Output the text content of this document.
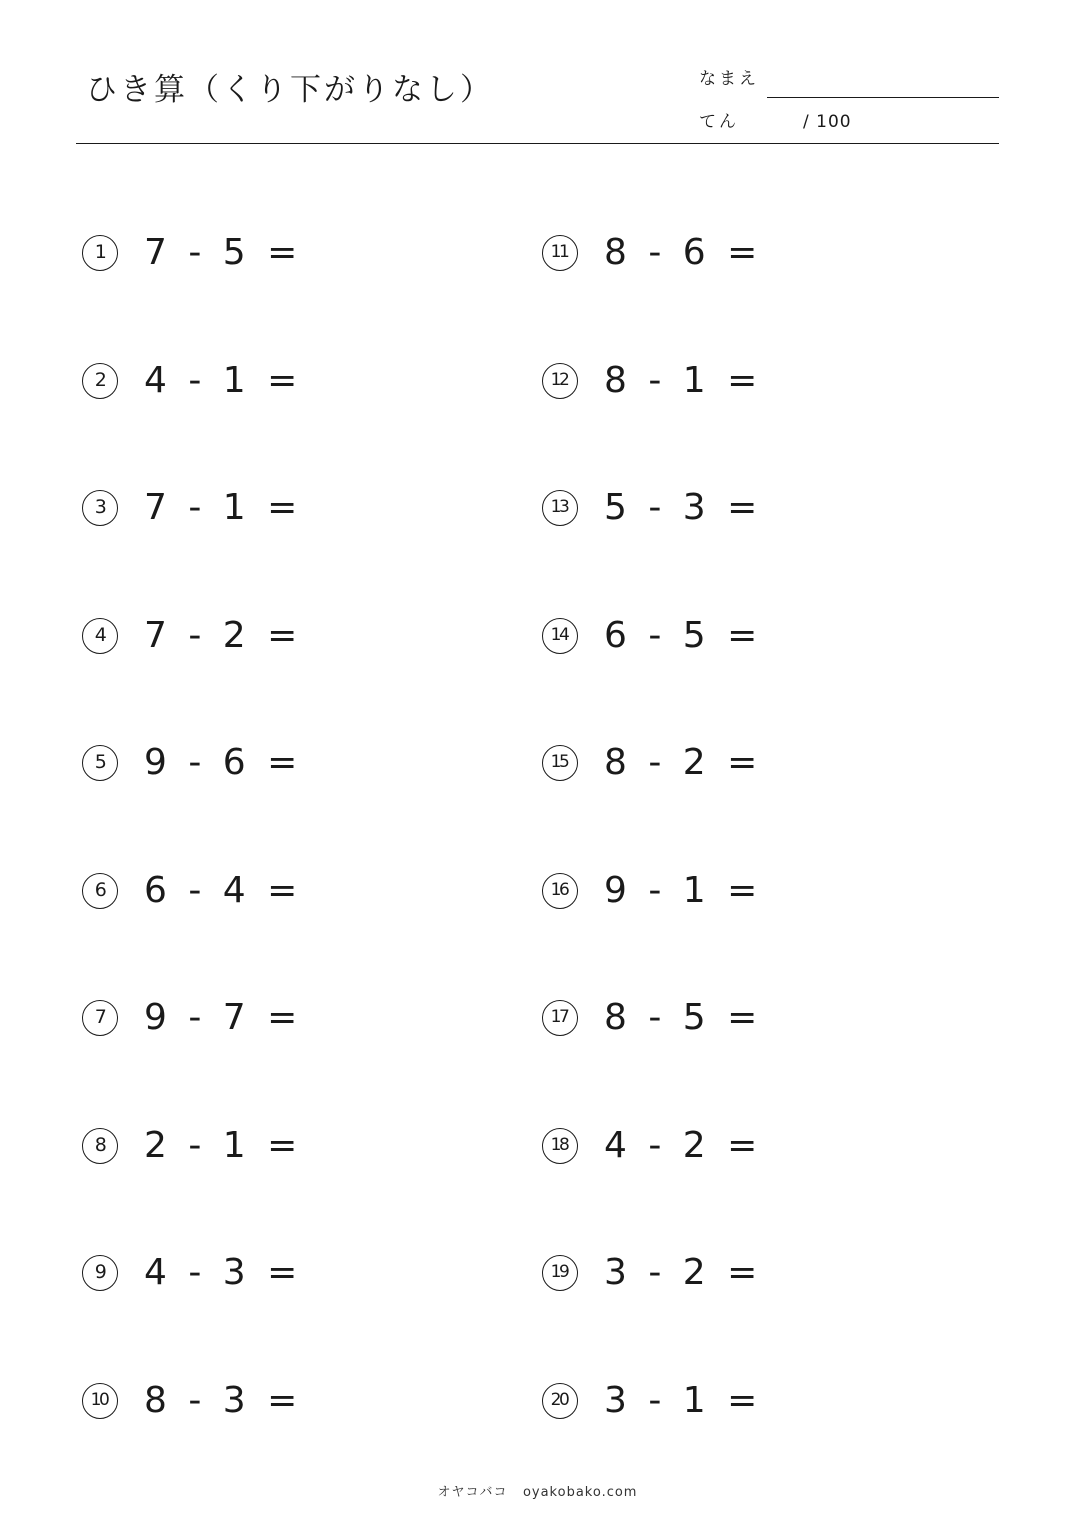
ひき算（くり下がりなし）	なまえ
てん	/ 100
1	7 - 5 =
2	4 - 1 =
3	7 - 1 =
4	7 - 2 =
5	9 - 6 =
6	6 - 4 =
7	9 - 7 =
8	2 - 1 =
9	4 - 3 =
10 8 - 3 =
11 8 - 6 =
12 8 - 1 =
13 5 - 3 =
14 6 - 5 =
15 8 - 2 =
16 9 - 1 =
17 8 - 5 =
18 4 - 2 =
19 3 - 2 =
20 3 - 1 =
オヤコバコ oyakobako.com
